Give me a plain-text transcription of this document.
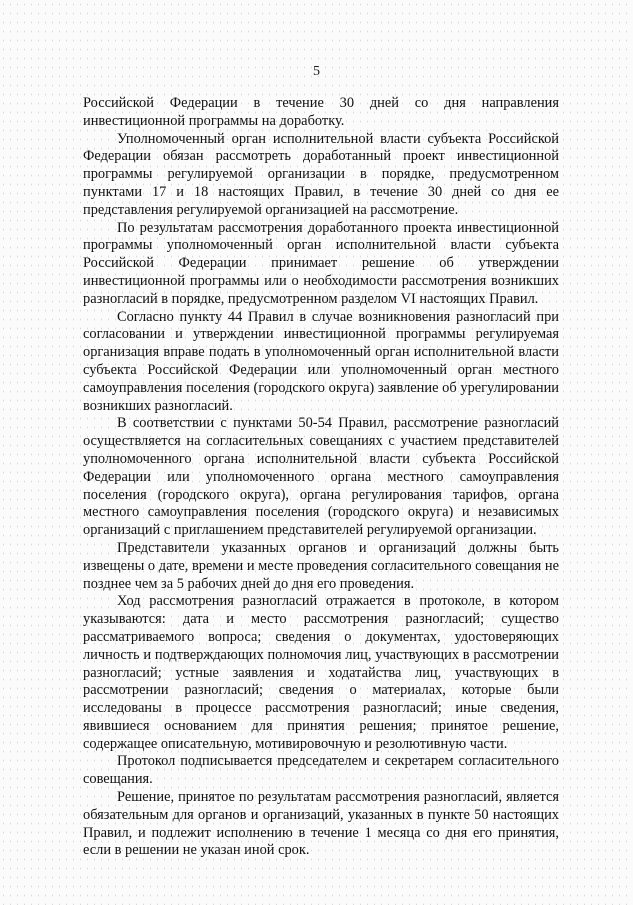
5

Российской Федерации в течение 30 дней со дня направления инвестиционной программы на доработку.

Уполномоченный орган исполнительной власти субъекта Российской Федерации обязан рассмотреть доработанный проект инвестиционной программы регулируемой организации в порядке, предусмотренном пунктами 17 и 18 настоящих Правил, в течение 30 дней со дня ее представления регулируемой организацией на рассмотрение.

По результатам рассмотрения доработанного проекта инвестиционной программы уполномоченный орган исполнительной власти субъекта Российской Федерации принимает решение об утверждении инвестиционной программы или о необходимости рассмотрения возникших разногласий в порядке, предусмотренном разделом VI настоящих Правил.

Согласно пункту 44 Правил в случае возникновения разногласий при согласовании и утверждении инвестиционной программы регулируемая организация вправе подать в уполномоченный орган исполнительной власти субъекта Российской Федерации или уполномоченный орган местного самоуправления поселения (городского округа) заявление об урегулировании возникших разногласий.

В соответствии с пунктами 50-54 Правил, рассмотрение разногласий осуществляется на согласительных совещаниях с участием представителей уполномоченного органа исполнительной власти субъекта Российской Федерации или уполномоченного органа местного самоуправления поселения (городского округа), органа регулирования тарифов, органа местного самоуправления поселения (городского округа) и независимых организаций с приглашением представителей регулируемой организации.

Представители указанных органов и организаций должны быть извещены о дате, времени и месте проведения согласительного совещания не позднее чем за 5 рабочих дней до дня его проведения.

Ход рассмотрения разногласий отражается в протоколе, в котором указываются: дата и место рассмотрения разногласий; существо рассматриваемого вопроса; сведения о документах, удостоверяющих личность и подтверждающих полномочия лиц, участвующих в рассмотрении разногласий; устные заявления и ходатайства лиц, участвующих в рассмотрении разногласий; сведения о материалах, которые были исследованы в процессе рассмотрения разногласий; иные сведения, явившиеся основанием для принятия решения; принятое решение, содержащее описательную, мотивировочную и резолютивную части.

Протокол подписывается председателем и секретарем согласительного совещания.

Решение, принятое по результатам рассмотрения разногласий, является обязательным для органов и организаций, указанных в пункте 50 настоящих Правил, и подлежит исполнению в течение 1 месяца со дня его принятия, если в решении не указан иной срок.
